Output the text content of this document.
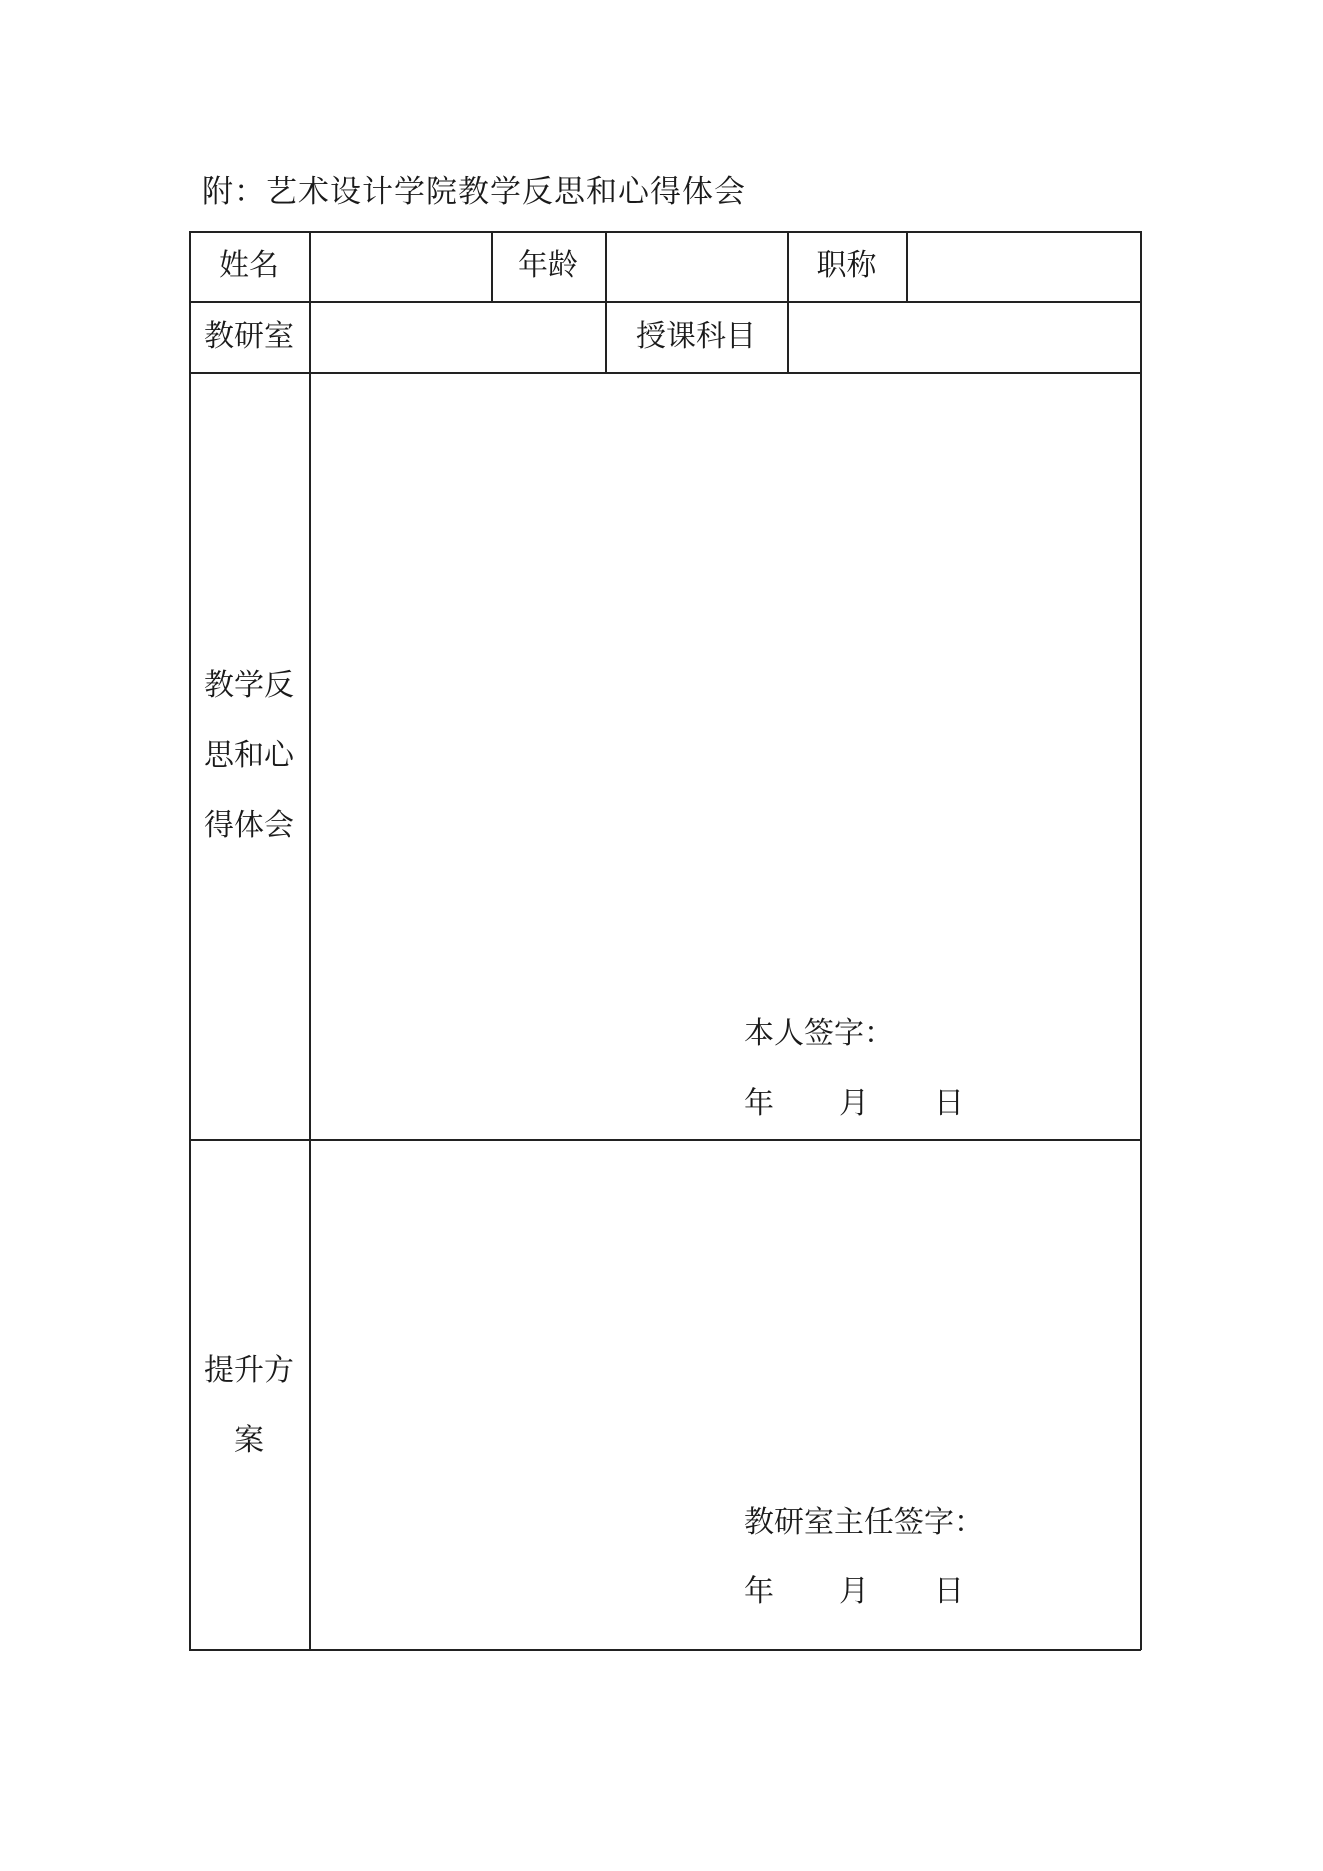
附：艺术设计学院教学反思和心得体会
姓名	年龄	职称
教研室	授课科目
教学反
思和心
得体会
本人签字：
年 月 日
提升方
案
教研室主任签字：
年 月 日
